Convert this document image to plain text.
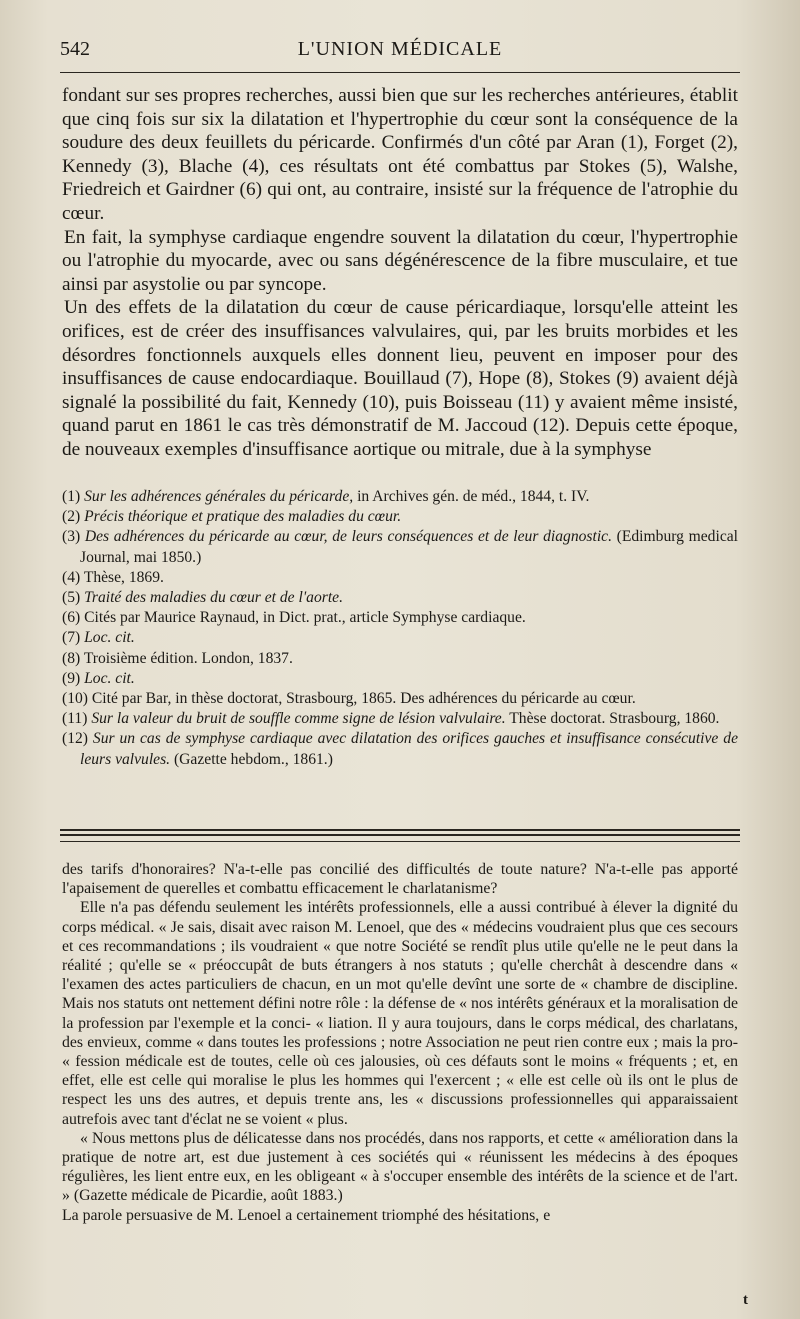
542	L'UNION MÉDICALE

fondant sur ses propres recherches, aussi bien que sur les recherches antérieures, établit que cinq fois sur six la dilatation et l'hypertrophie du cœur sont la conséquence de la soudure des deux feuillets du péricarde. Confirmés d'un côté par Aran (1), Forget (2), Kennedy (3), Blache (4), ces résultats ont été combattus par Stokes (5), Walshe, Friedreich et Gairdner (6) qui ont, au contraire, insisté sur la fréquence de l'atrophie du cœur.

En fait, la symphyse cardiaque engendre souvent la dilatation du cœur, l'hypertrophie ou l'atrophie du myocarde, avec ou sans dégénérescence de la fibre musculaire, et tue ainsi par asystolie ou par syncope.

Un des effets de la dilatation du cœur de cause péricardiaque, lorsqu'elle atteint les orifices, est de créer des insuffisances valvulaires, qui, par les bruits morbides et les désordres fonctionnels auxquels elles donnent lieu, peuvent en imposer pour des insuffisances de cause endocardiaque. Bouillaud (7), Hope (8), Stokes (9) avaient déjà signalé la possibilité du fait, Kennedy (10), puis Boisseau (11) y avaient même insisté, quand parut en 1861 le cas très démonstratif de M. Jaccoud (12). Depuis cette époque, de nouveaux exemples d'insuffisance aortique ou mitrale, due à la symphyse

(1) Sur les adhérences générales du péricarde, in Archives gén. de méd., 1844, t. IV.
(2) Précis théorique et pratique des maladies du cœur.
(3) Des adhérences du péricarde au cœur, de leurs conséquences et de leur diagnostic. (Edimburg medical Journal, mai 1850.)
(4) Thèse, 1869.
(5) Traité des maladies du cœur et de l'aorte.
(6) Cités par Maurice Raynaud, in Dict. prat., article Symphyse cardiaque.
(7) Loc. cit.
(8) Troisième édition. London, 1837.
(9) Loc. cit.
(10) Cité par Bar, in thèse doctorat, Strasbourg, 1865. Des adhérences du péricarde au cœur.
(11) Sur la valeur du bruit de souffle comme signe de lésion valvulaire. Thèse doctorat. Strasbourg, 1860.
(12) Sur un cas de symphyse cardiaque avec dilatation des orifices gauches et insuffisance consécutive de leurs valvules. (Gazette hebdom., 1861.)

des tarifs d'honoraires? N'a-t-elle pas concilié des difficultés de toute nature? N'a-t-elle pas apporté l'apaisement de querelles et combattu efficacement le charlatanisme?

Elle n'a pas défendu seulement les intérêts professionnels, elle a aussi contribué à élever la dignité du corps médical. « Je sais, disait avec raison M. Lenoel, que des « médecins voudraient plus que ces secours et ces recommandations ; ils voudraient « que notre Société se rendît plus utile qu'elle ne le peut dans la réalité ; qu'elle se « préoccupât de buts étrangers à nos statuts ; qu'elle cherchât à descendre dans « l'examen des actes particuliers de chacun, en un mot qu'elle devînt une sorte de « chambre de discipline. Mais nos statuts ont nettement défini notre rôle : la défense de « nos intérêts généraux et la moralisation de la profession par l'exemple et la conci- « liation. Il y aura toujours, dans le corps médical, des charlatans, des envieux, comme « dans toutes les professions ; notre Association ne peut rien contre eux ; mais la pro- « fession médicale est de toutes, celle où ces jalousies, où ces défauts sont le moins « fréquents ; et, en effet, elle est celle qui moralise le plus les hommes qui l'exercent ; « elle est celle où ils ont le plus de respect les uns des autres, et depuis trente ans, les « discussions professionnelles qui apparaissaient autrefois avec tant d'éclat ne se voient « plus.

« Nous mettons plus de délicatesse dans nos procédés, dans nos rapports, et cette « amélioration dans la pratique de notre art, est due justement à ces sociétés qui « réunissent les médecins à des époques régulières, les lient entre eux, en les obligeant « à s'occuper ensemble des intérêts de la science et de l'art. » (Gazette médicale de Picardie, août 1883.)

La parole persuasive de M. Lenoel a certainement triomphé des hésitations, e

t
